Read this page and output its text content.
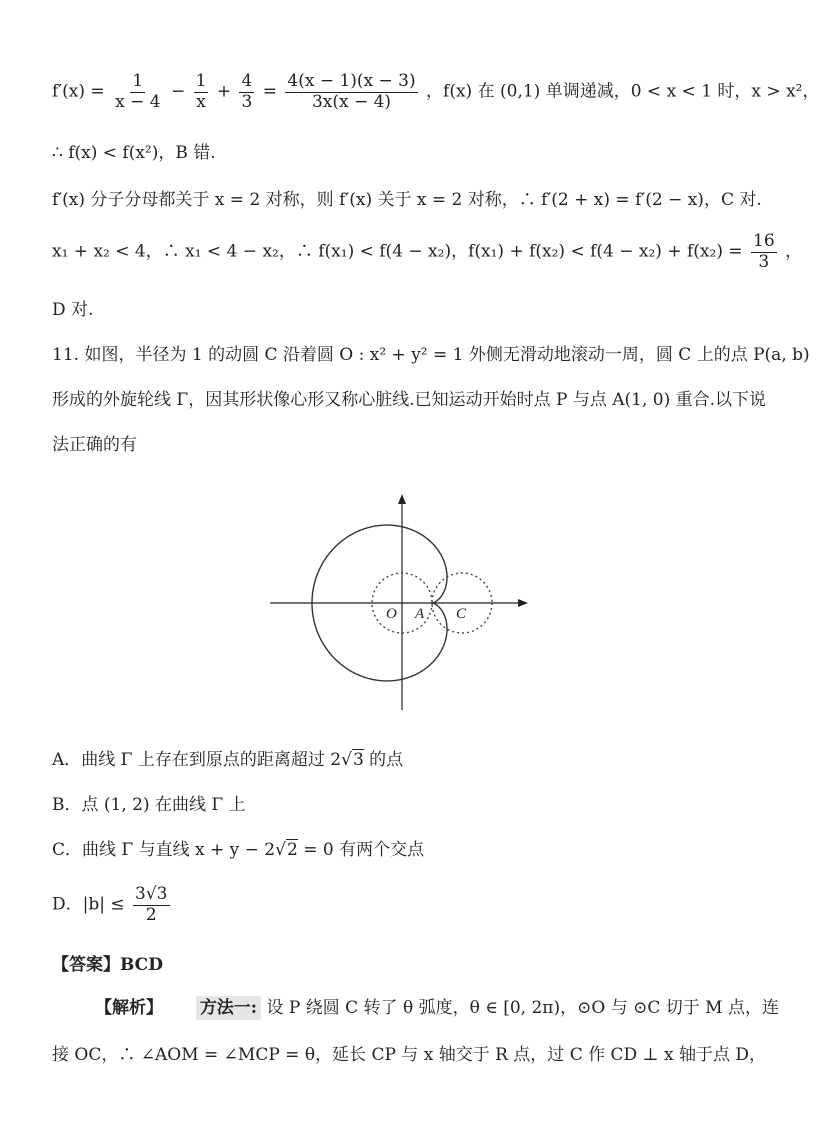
$f'(x) = \frac{1}{x - 4} - \frac{1}{x} + \frac{4}{3} = \frac{4(x - 1)(x - 3)}{3x(x - 4)}$ ，f(x) 在 (0,1) 单调递减，0 < x < 1 时，x > x²，
∴ f(x) < f(x²)，B 错.
f′(x) 分子分母都关于 x = 2 对称，则 f′(x) 关于 x = 2 对称，∴ f′(2 + x) = f′(2 − x)，C 对.
x₁ + x₂ < 4，∴ x₁ < 4 − x₂，∴ f(x₁) < f(4 − x₂)，$f(x_1) + f(x_2) < f(4 - x_2) + f(x_2) = \frac{16}{3}$ ，
D 对.
11. 如图，半径为 1 的动圆 C 沿着圆 O : x² + y² = 1 外侧无滑动地滚动一周，圆 C 上的点 P(a, b)
形成的外旋轮线 Γ，因其形状像心形又称心脏线.已知运动开始时点 P 与点 A(1, 0) 重合.以下说
法正确的有
O A C
A．曲线 Γ 上存在到原点的距离超过 2√3 的点
B．点 (1, 2) 在曲线 Γ 上
C．曲线 Γ 与直线 x + y − 2√2 = 0 有两个交点
D．$|b| \le \frac{3√3}{2}$
【答案】BCD
【解析】 方法一: 设 P 绕圆 C 转了 θ 弧度，θ ∈ [0, 2π)，⊙O 与 ⊙C 切于 M 点，连
接 OC，∴ ∠AOM = ∠MCP = θ，延长 CP 与 x 轴交于 R 点，过 C 作 CD ⊥ x 轴于点 D，
